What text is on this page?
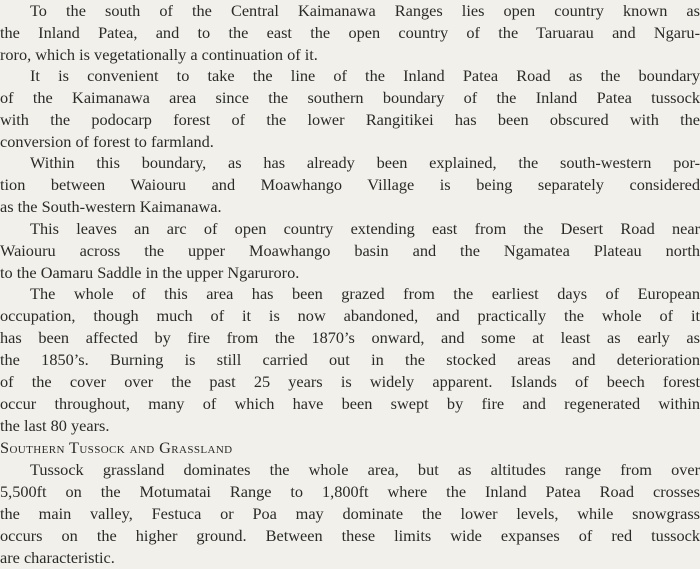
To the south of the Central Kaimanawa Ranges lies open country known as
the Inland Patea, and to the east the open country of the Taruarau and Ngaru-
roro, which is vegetationally a continuation of it.
It is convenient to take the line of the Inland Patea Road as the boundary
of the Kaimanawa area since the southern boundary of the Inland Patea tussock
with the podocarp forest of the lower Rangitikei has been obscured with the
conversion of forest to farmland.
Within this boundary, as has already been explained, the south-western por-
tion between Waiouru and Moawhango Village is being separately considered
as the South-western Kaimanawa.
This leaves an arc of open country extending east from the Desert Road near
Waiouru across the upper Moawhango basin and the Ngamatea Plateau north
to the Oamaru Saddle in the upper Ngaruroro.
The whole of this area has been grazed from the earliest days of European
occupation, though much of it is now abandoned, and practically the whole of it
has been affected by fire from the 1870’s onward, and some at least as early as
the 1850’s. Burning is still carried out in the stocked areas and deterioration
of the cover over the past 25 years is widely apparent. Islands of beech forest
occur throughout, many of which have been swept by fire and regenerated within
the last 80 years.
Southern Tussock and Grassland
Tussock grassland dominates the whole area, but as altitudes range from over
5,500ft on the Motumatai Range to 1,800ft where the Inland Patea Road crosses
the main valley, Festuca or Poa may dominate the lower levels, while snowgrass
occurs on the higher ground. Between these limits wide expanses of red tussock
are characteristic.
